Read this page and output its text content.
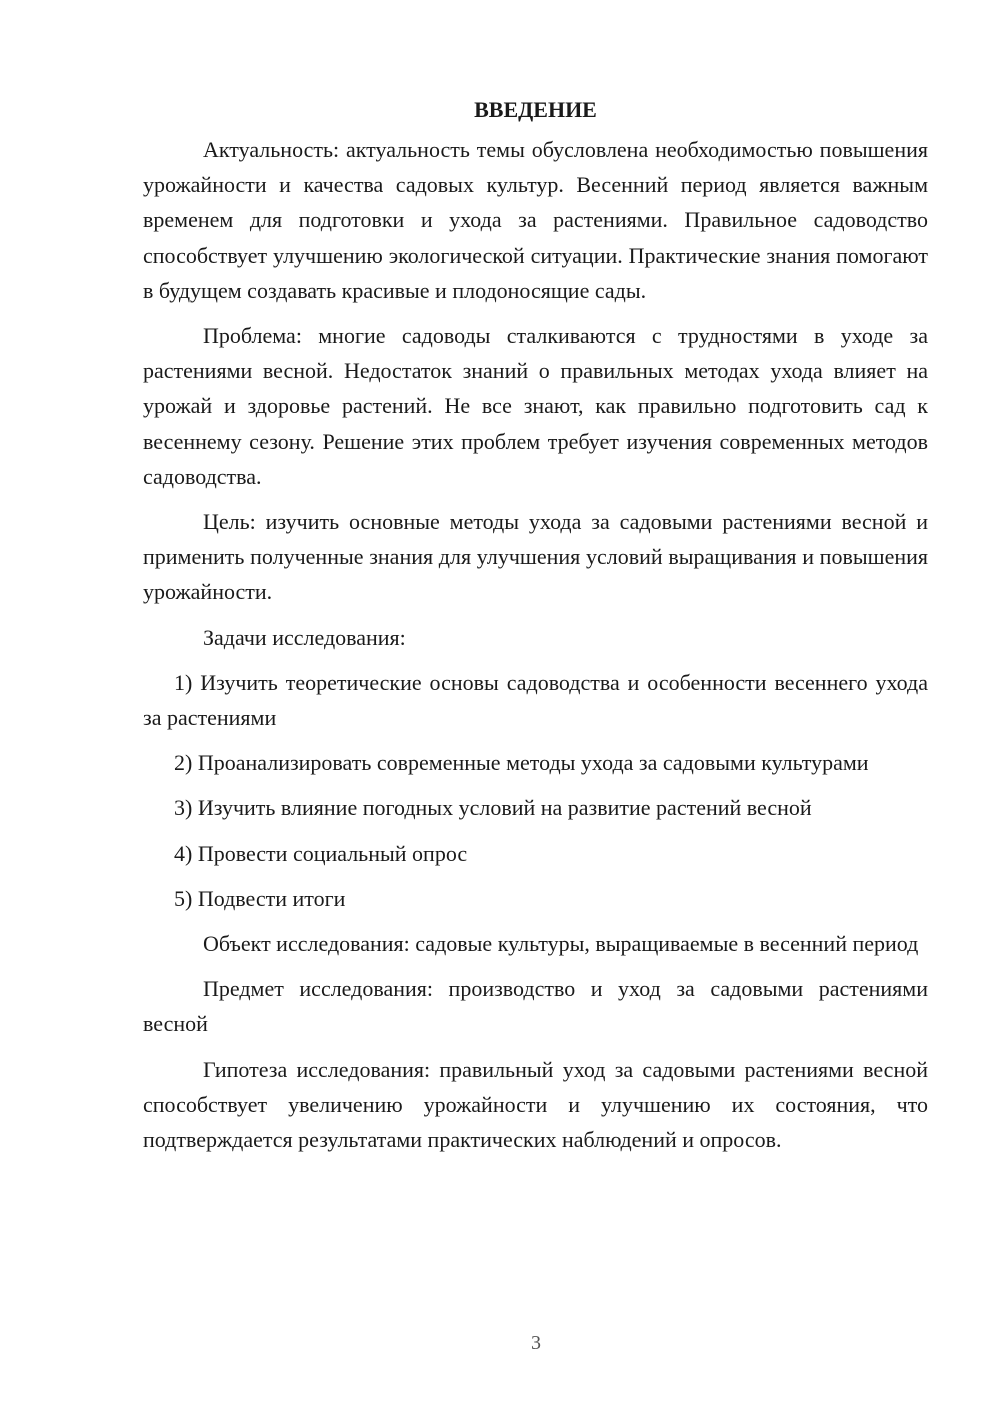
ВВЕДЕНИЕ

Актуальность: актуальность темы обусловлена необходимостью повышения урожайности и качества садовых культур. Весенний период является важным временем для подготовки и ухода за растениями. Правильное садоводство способствует улучшению экологической ситуации. Практические знания помогают в будущем создавать красивые и плодоносящие сады.

Проблема: многие садоводы сталкиваются с трудностями в уходе за растениями весной. Недостаток знаний о правильных методах ухода влияет на урожай и здоровье растений. Не все знают, как правильно подготовить сад к весеннему сезону. Решение этих проблем требует изучения современных методов садоводства.

Цель: изучить основные методы ухода за садовыми растениями весной и применить полученные знания для улучшения условий выращивания и повышения урожайности.

Задачи исследования:

1) Изучить теоретические основы садоводства и особенности весеннего ухода за растениями

2) Проанализировать современные методы ухода за садовыми культурами

3) Изучить влияние погодных условий на развитие растений весной

4) Провести социальный опрос

5) Подвести итоги

Объект исследования: садовые культуры, выращиваемые в весенний период

Предмет исследования: производство и уход за садовыми растениями весной

Гипотеза исследования: правильный уход за садовыми растениями весной способствует увеличению урожайности и улучшению их состояния, что подтверждается результатами практических наблюдений и опросов.

3
